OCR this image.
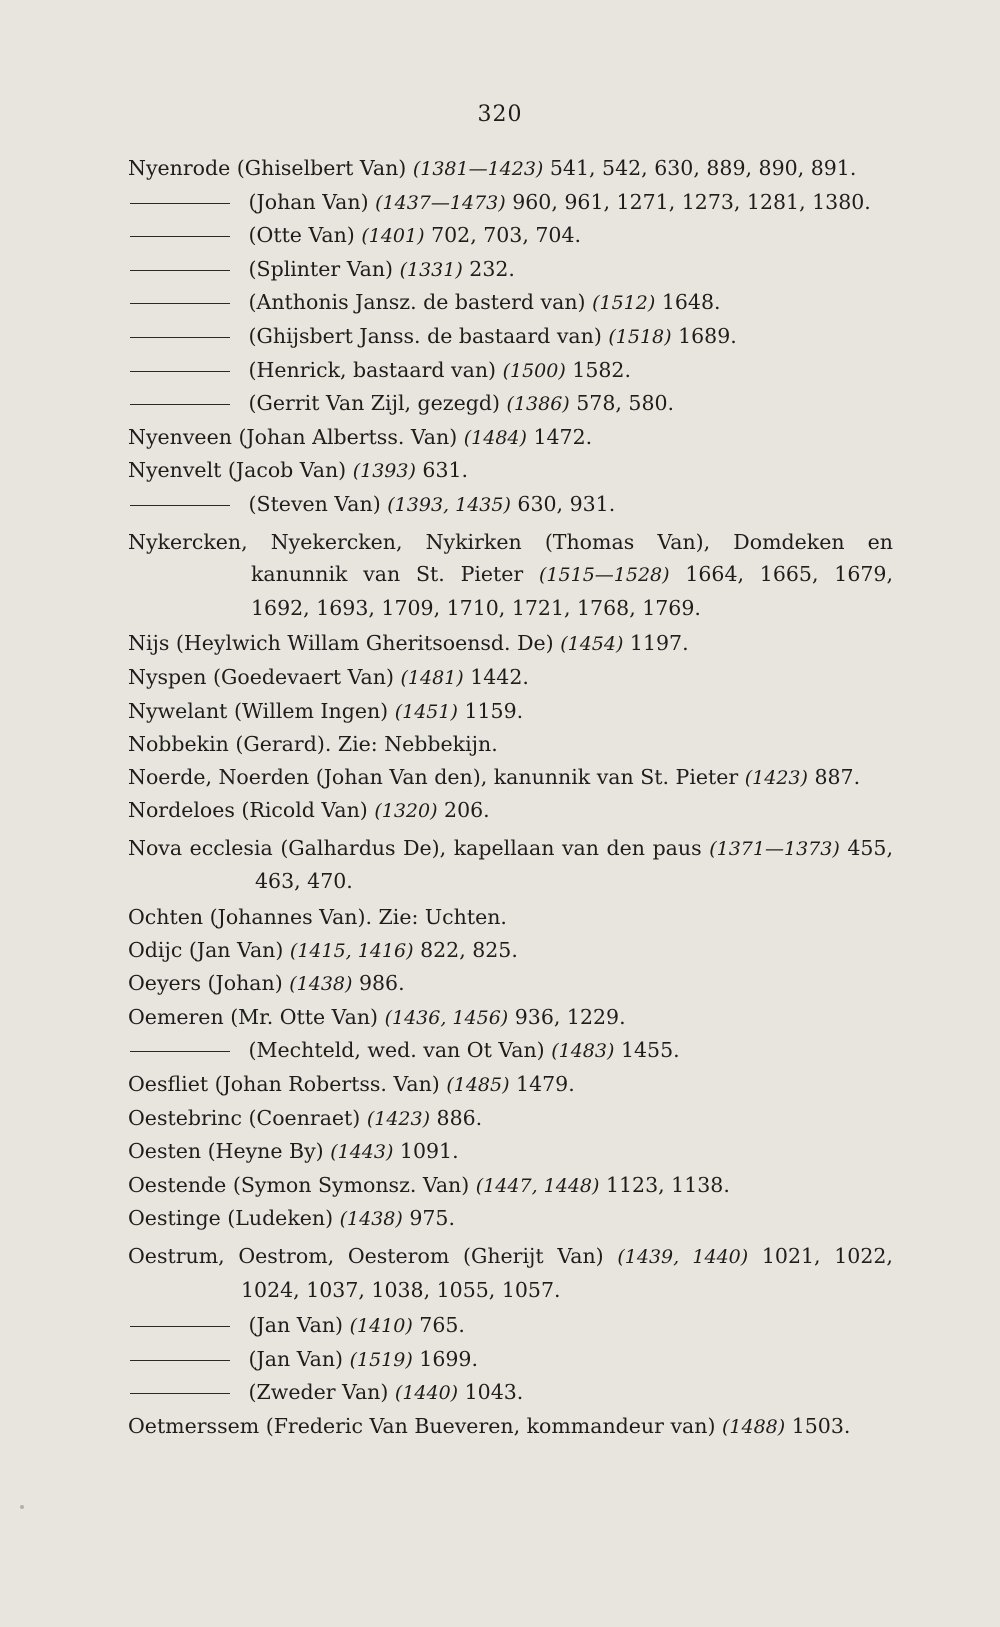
320
Nyenrode (Ghiselbert Van) (1381—1423) 541, 542, 630, 889, 890, 891.
(Johan Van) (1437—1473) 960, 961, 1271, 1273, 1281, 1380.
(Otte Van) (1401) 702, 703, 704.
(Splinter Van) (1331) 232.
(Anthonis Jansz. de basterd van) (1512) 1648.
(Ghijsbert Janss. de bastaard van) (1518) 1689.
(Henrick, bastaard van) (1500) 1582.
(Gerrit Van Zijl, gezegd) (1386) 578, 580.
Nyenveen (Johan Albertss. Van) (1484) 1472.
Nyenvelt (Jacob Van) (1393) 631.
(Steven Van) (1393, 1435) 630, 931.
Nykercken, Nyekercken, Nykirken (Thomas Van), Domdeken en kanunnik van St. Pieter (1515—1528) 1664, 1665, 1679, 1692, 1693, 1709, 1710, 1721, 1768, 1769.
Nijs (Heylwich Willam Gheritsoensd. De) (1454) 1197.
Nyspen (Goedevaert Van) (1481) 1442.
Nywelant (Willem Ingen) (1451) 1159.
Nobbekin (Gerard). Zie: Nebbekijn.
Noerde, Noerden (Johan Van den), kanunnik van St. Pieter (1423) 887.
Nordeloes (Ricold Van) (1320) 206.
Nova ecclesia (Galhardus De), kapellaan van den paus (1371—1373) 455, 463, 470.
Ochten (Johannes Van). Zie: Uchten.
Odijc (Jan Van) (1415, 1416) 822, 825.
Oeyers (Johan) (1438) 986.
Oemeren (Mr. Otte Van) (1436, 1456) 936, 1229.
(Mechteld, wed. van Ot Van) (1483) 1455.
Oesfliet (Johan Robertss. Van) (1485) 1479.
Oestebrinc (Coenraet) (1423) 886.
Oesten (Heyne By) (1443) 1091.
Oestende (Symon Symonsz. Van) (1447, 1448) 1123, 1138.
Oestinge (Ludeken) (1438) 975.
Oestrum, Oestrom, Oesterom (Gherijt Van) (1439, 1440) 1021, 1022, 1024, 1037, 1038, 1055, 1057.
(Jan Van) (1410) 765.
(Jan Van) (1519) 1699.
(Zweder Van) (1440) 1043.
Oetmerssem (Frederic Van Bueveren, kommandeur van) (1488) 1503.
